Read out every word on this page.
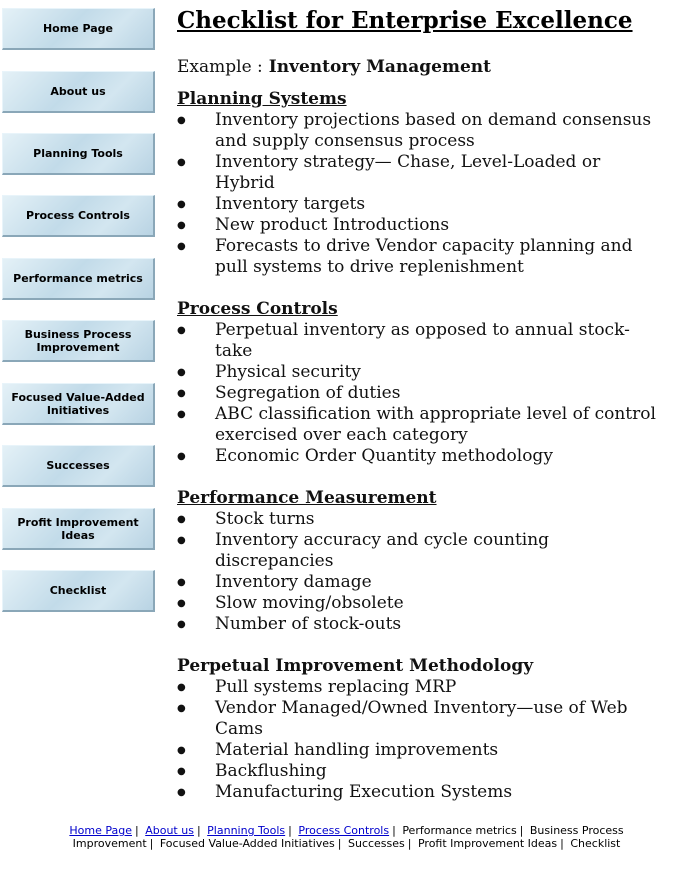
Home Page
About us
Planning Tools
Process Controls
Performance metrics
Business Process Improvement
Focused Value-Added Initiatives
Successes
Profit Improvement Ideas
Checklist
Checklist for Enterprise Excellence
Example : Inventory Management
Planning Systems
● Inventory projections based on demand consensus and supply consensus process
● Inventory strategy— Chase, Level-Loaded or Hybrid
● Inventory targets
● New product Introductions
● Forecasts to drive Vendor capacity planning and pull systems to drive replenishment
Process Controls
● Perpetual inventory as opposed to annual stock-take
● Physical security
● Segregation of duties
● ABC classification with appropriate level of control exercised over each category
● Economic Order Quantity methodology
Performance Measurement
● Stock turns
● Inventory accuracy and cycle counting discrepancies
● Inventory damage
● Slow moving/obsolete
● Number of stock-outs
Perpetual Improvement Methodology
● Pull systems replacing MRP
● Vendor Managed/Owned Inventory—use of Web Cams
● Material handling improvements
● Backflushing
● Manufacturing Execution Systems
Home Page | About us | Planning Tools | Process Controls | Performance metrics | Business Process Improvement | Focused Value-Added Initiatives | Successes | Profit Improvement Ideas | Checklist
